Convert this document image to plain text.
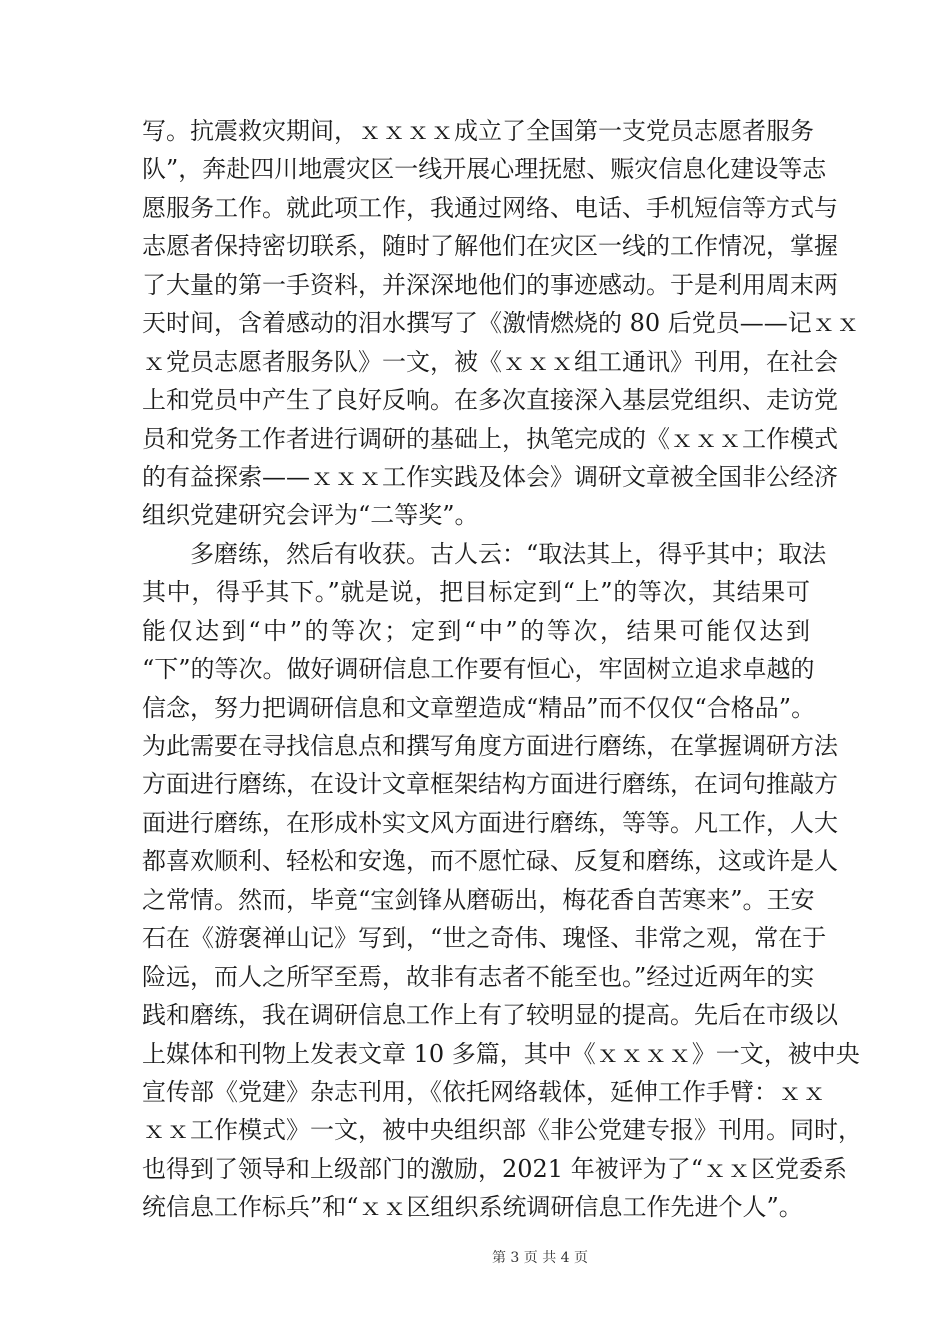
写。抗震救灾期间，ｘｘｘｘ成立了全国第一支党员志愿者服务
队”，奔赴四川地震灾区一线开展心理抚慰、赈灾信息化建设等志
愿服务工作。就此项工作，我通过网络、电话、手机短信等方式与
志愿者保持密切联系，随时了解他们在灾区一线的工作情况，掌握
了大量的第一手资料，并深深地他们的事迹感动。于是利用周末两
天时间，含着感动的泪水撰写了《激情燃烧的 80 后党员——记ｘｘ
ｘ党员志愿者服务队》一文，被《ｘｘｘ组工通讯》刊用，在社会
上和党员中产生了良好反响。在多次直接深入基层党组织、走访党
员和党务工作者进行调研的基础上，执笔完成的《ｘｘｘ工作模式
的有益探索——ｘｘｘ工作实践及体会》调研文章被全国非公经济
组织党建研究会评为“二等奖”。
多磨练，然后有收获。古人云：“取法其上，得乎其中；取法
其中，得乎其下。”就是说，把目标定到“上”的等次，其结果可
能仅达到“中”的等次；定到“中”的等次，结果可能仅达到
“下”的等次。做好调研信息工作要有恒心，牢固树立追求卓越的
信念，努力把调研信息和文章塑造成“精品”而不仅仅“合格品”。
为此需要在寻找信息点和撰写角度方面进行磨练，在掌握调研方法
方面进行磨练，在设计文章框架结构方面进行磨练，在词句推敲方
面进行磨练，在形成朴实文风方面进行磨练，等等。凡工作，人大
都喜欢顺利、轻松和安逸，而不愿忙碌、反复和磨练，这或许是人
之常情。然而，毕竟“宝剑锋从磨砺出，梅花香自苦寒来”。王安
石在《游褒禅山记》写到，“世之奇伟、瑰怪、非常之观，常在于
险远，而人之所罕至焉，故非有志者不能至也。”经过近两年的实
践和磨练，我在调研信息工作上有了较明显的提高。先后在市级以
上媒体和刊物上发表文章 10 多篇，其中《ｘｘｘｘ》一文，被中央
宣传部《党建》杂志刊用，《依托网络载体，延伸工作手臂：ｘｘ
ｘｘ工作模式》一文，被中央组织部《非公党建专报》刊用。同时，
也得到了领导和上级部门的激励，2021 年被评为了“ｘｘ区党委系
统信息工作标兵”和“ｘｘ区组织系统调研信息工作先进个人”。
第 3 页 共 4 页
